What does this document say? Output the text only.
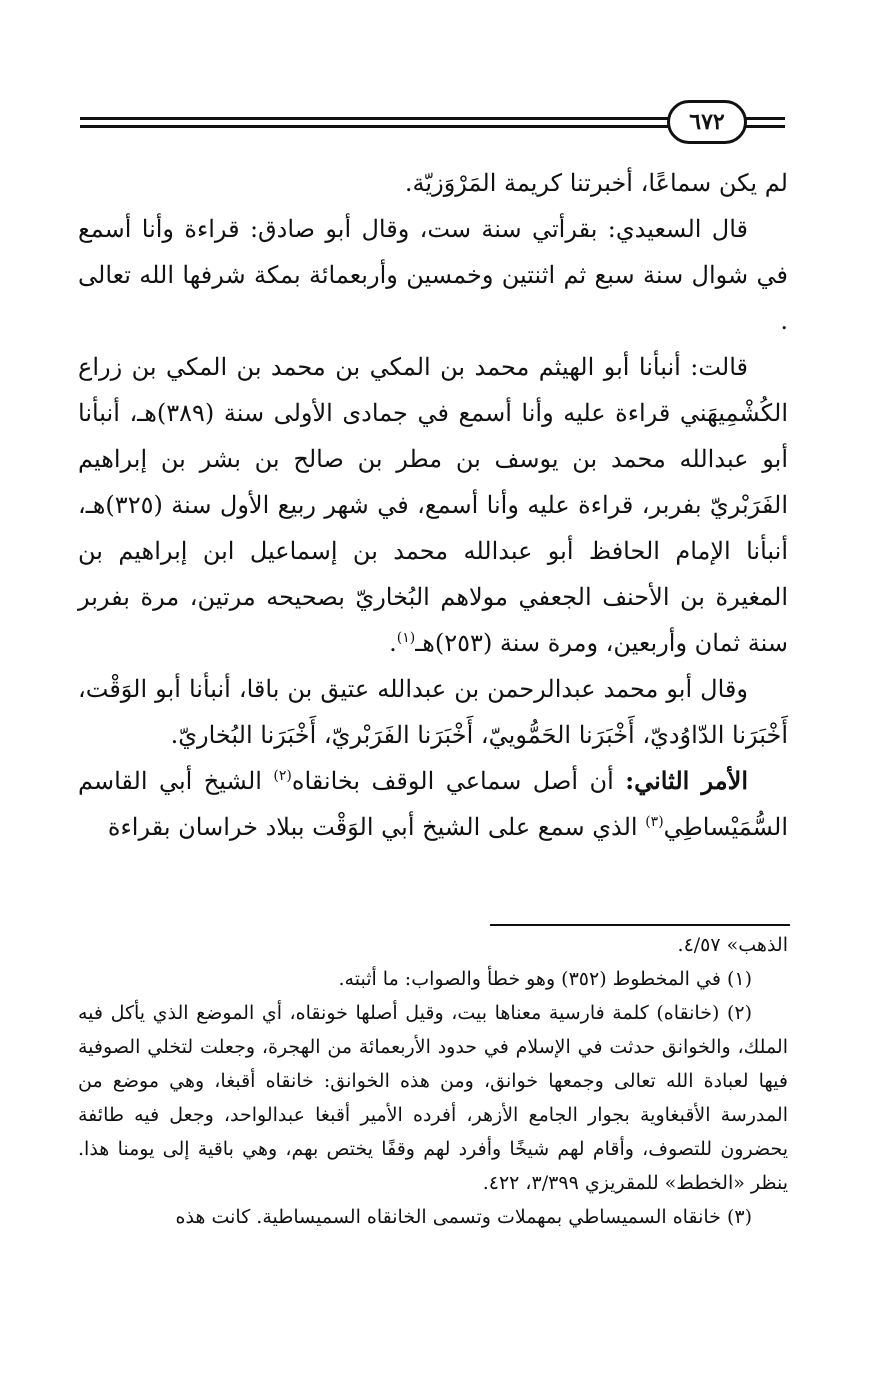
٦٧٢

لم يكن سماعًا، أخبرتنا كريمة المَرْوَزيّة.

قال السعيدي: بقرأتي سنة ست، وقال أبو صادق: قراءة وأنا أسمع في شوال سنة سبع ثم اثنتين وخمسين وأربعمائة بمكة شرفها الله تعالى .

قالت: أنبأنا أبو الهيثم محمد بن المكي بن محمد بن المكي بن زراع الكُشْمِيهَني قراءة عليه وأنا أسمع في جمادى الأولى سنة (٣٨٩)هـ، أنبأنا أبو عبدالله محمد بن يوسف بن مطر بن صالح بن بشر بن إبراهيم الفَرَبْريّ بفربر، قراءة عليه وأنا أسمع، في شهر ربيع الأول سنة (٣٢٥)هـ، أنبأنا الإمام الحافظ أبو عبدالله محمد بن إسماعيل ابن إبراهيم بن المغيرة بن الأحنف الجعفي مولاهم البُخاريّ بصحيحه مرتين، مرة بفربر سنة ثمان وأربعين، ومرة سنة (٢٥٣)هـ$^{(١)}$.

وقال أبو محمد عبدالرحمن بن عبدالله عتيق بن باقا، أنبأنا أبو الوَقْت، أَخْبَرَنا الدّاوُديّ، أَخْبَرَنا الحَمُّوييّ، أَخْبَرَنا الفَرَبْريّ، أَخْبَرَنا البُخاريّ.

الأمر الثاني: أن أصل سماعي الوقف بخانقاه$^{(٢)}$ الشيخ أبي القاسم السُّمَيْساطِي$^{(٣)}$ الذي سمع على الشيخ أبي الوَقْت ببلاد خراسان بقراءة

الذهب» ٤/٥٧.

(١) في المخطوط (٣٥٢) وهو خطأ والصواب: ما أثبته.

(٢) (خانقاه) كلمة فارسية معناها بيت، وقيل أصلها خونقاه، أي الموضع الذي يأكل فيه الملك، والخوانق حدثت في الإسلام في حدود الأربعمائة من الهجرة، وجعلت لتخلي الصوفية فيها لعبادة الله تعالى وجمعها خوانق، ومن هذه الخوانق: خانقاه أقبغا، وهي موضع من المدرسة الأقبغاوية بجوار الجامع الأزهر، أفرده الأمير أقبغا عبدالواحد، وجعل فيه طائفة يحضرون للتصوف، وأقام لهم شيخًا وأفرد لهم وقفًا يختص بهم، وهي باقية إلى يومنا هذا. ينظر «الخطط» للمقريزي ٣/٣٩٩، ٤٢٢.

(٣) خانقاه السميساطي بمهملات وتسمى الخانقاه السميساطية. كانت هذه
